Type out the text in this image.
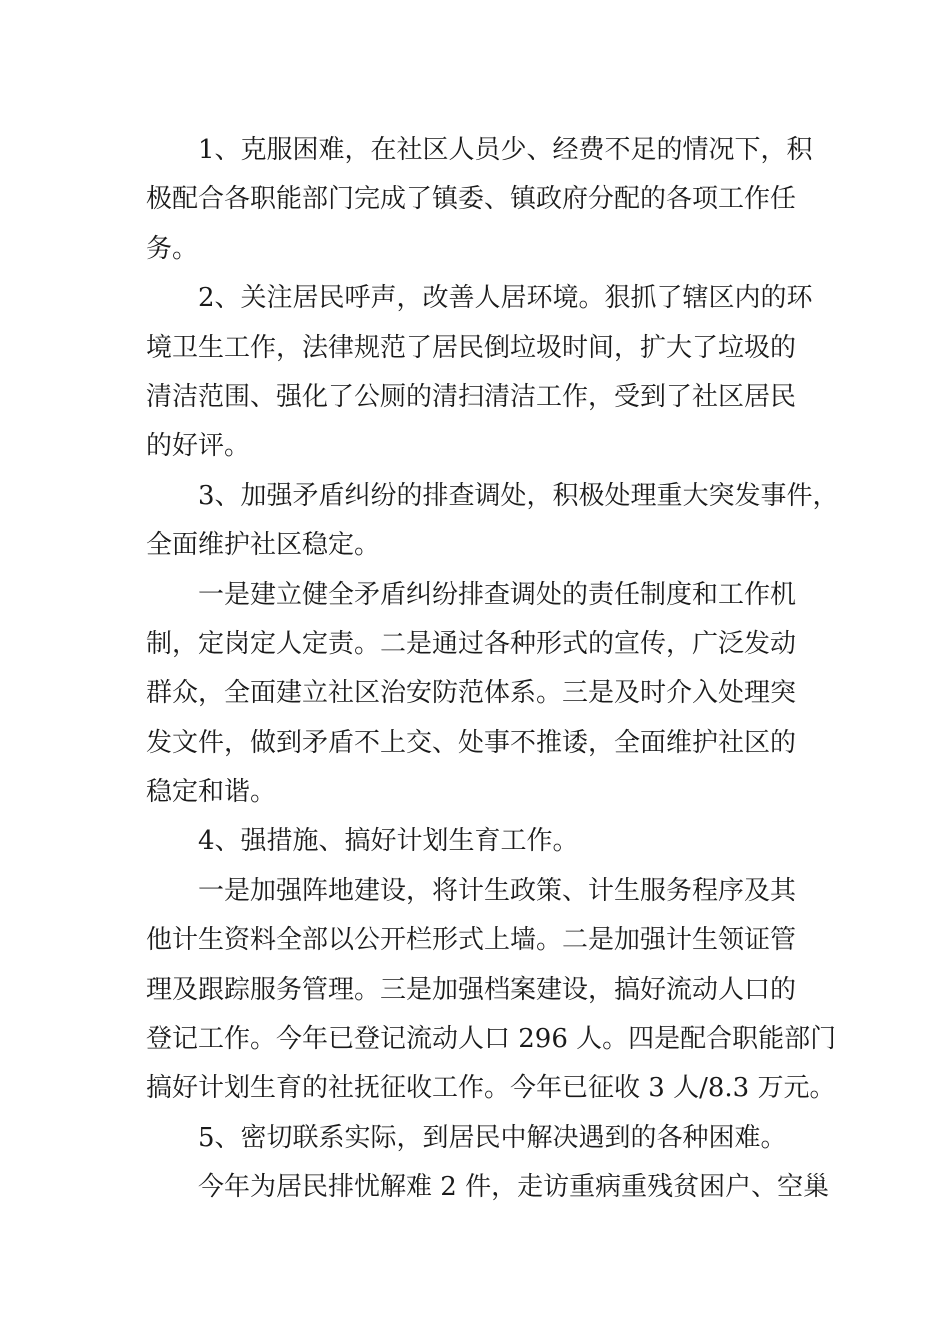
1、克服困难，在社区人员少、经费不足的情况下，积
极配合各职能部门完成了镇委、镇政府分配的各项工作任
务。
2、关注居民呼声，改善人居环境。狠抓了辖区内的环
境卫生工作，法律规范了居民倒垃圾时间，扩大了垃圾的
清洁范围、强化了公厕的清扫清洁工作，受到了社区居民
的好评。
3、加强矛盾纠纷的排查调处，积极处理重大突发事件，
全面维护社区稳定。
一是建立健全矛盾纠纷排查调处的责任制度和工作机
制，定岗定人定责。二是通过各种形式的宣传，广泛发动
群众，全面建立社区治安防范体系。三是及时介入处理突
发文件，做到矛盾不上交、处事不推诿，全面维护社区的
稳定和谐。
4、强措施、搞好计划生育工作。
一是加强阵地建设，将计生政策、计生服务程序及其
他计生资料全部以公开栏形式上墙。二是加强计生领证管
理及跟踪服务管理。三是加强档案建设，搞好流动人口的
登记工作。今年已登记流动人口 296 人。四是配合职能部门
搞好计划生育的社抚征收工作。今年已征收 3 人/8.3 万元。
5、密切联系实际，到居民中解决遇到的各种困难。
今年为居民排忧解难 2 件，走访重病重残贫困户、空巢
